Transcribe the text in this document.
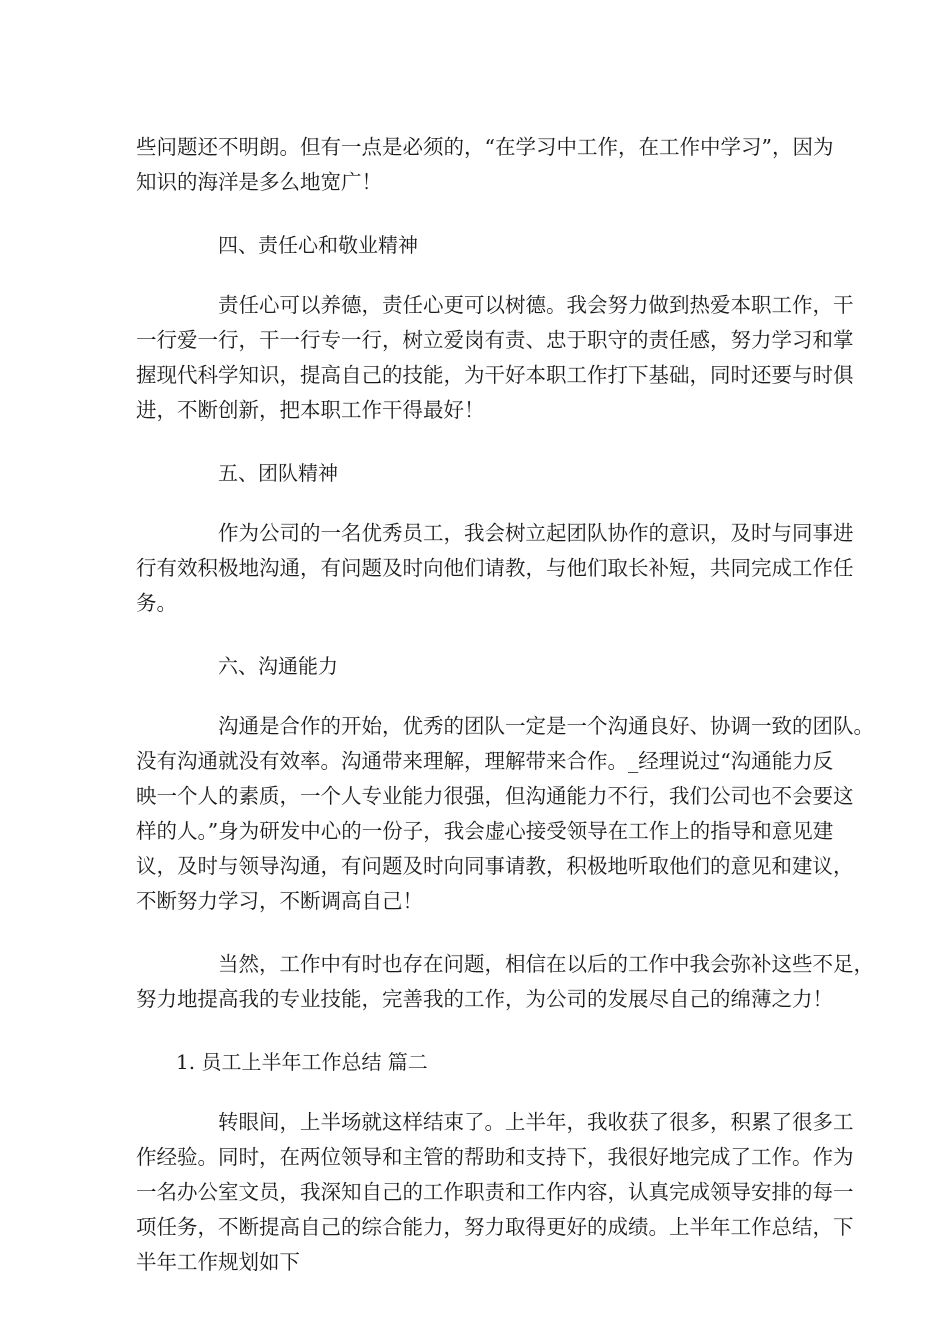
些问题还不明朗。但有一点是必须的，“在学习中工作，在工作中学习”，因为
知识的海洋是多么地宽广！

四、责任心和敬业精神

责任心可以养德，责任心更可以树德。我会努力做到热爱本职工作，干
一行爱一行，干一行专一行，树立爱岗有责、忠于职守的责任感，努力学习和掌
握现代科学知识，提高自己的技能，为干好本职工作打下基础，同时还要与时俱
进，不断创新，把本职工作干得最好！

五、团队精神

作为公司的一名优秀员工，我会树立起团队协作的意识，及时与同事进
行有效积极地沟通，有问题及时向他们请教，与他们取长补短，共同完成工作任
务。

六、沟通能力

沟通是合作的开始，优秀的团队一定是一个沟通良好、协调一致的团队。
没有沟通就没有效率。沟通带来理解，理解带来合作。_经理说过“沟通能力反
映一个人的素质，一个人专业能力很强，但沟通能力不行，我们公司也不会要这
样的人。”身为研发中心的一份子，我会虚心接受领导在工作上的指导和意见建
议，及时与领导沟通，有问题及时向同事请教，积极地听取他们的意见和建议，
不断努力学习，不断调高自己！

当然，工作中有时也存在问题，相信在以后的工作中我会弥补这些不足，
努力地提高我的专业技能，完善我的工作，为公司的发展尽自己的绵薄之力！

1. 员工上半年工作总结 篇二

转眼间，上半场就这样结束了。上半年，我收获了很多，积累了很多工
作经验。同时，在两位领导和主管的帮助和支持下，我很好地完成了工作。作为
一名办公室文员，我深知自己的工作职责和工作内容，认真完成领导安排的每一
项任务，不断提高自己的综合能力，努力取得更好的成绩。上半年工作总结，下
半年工作规划如下
